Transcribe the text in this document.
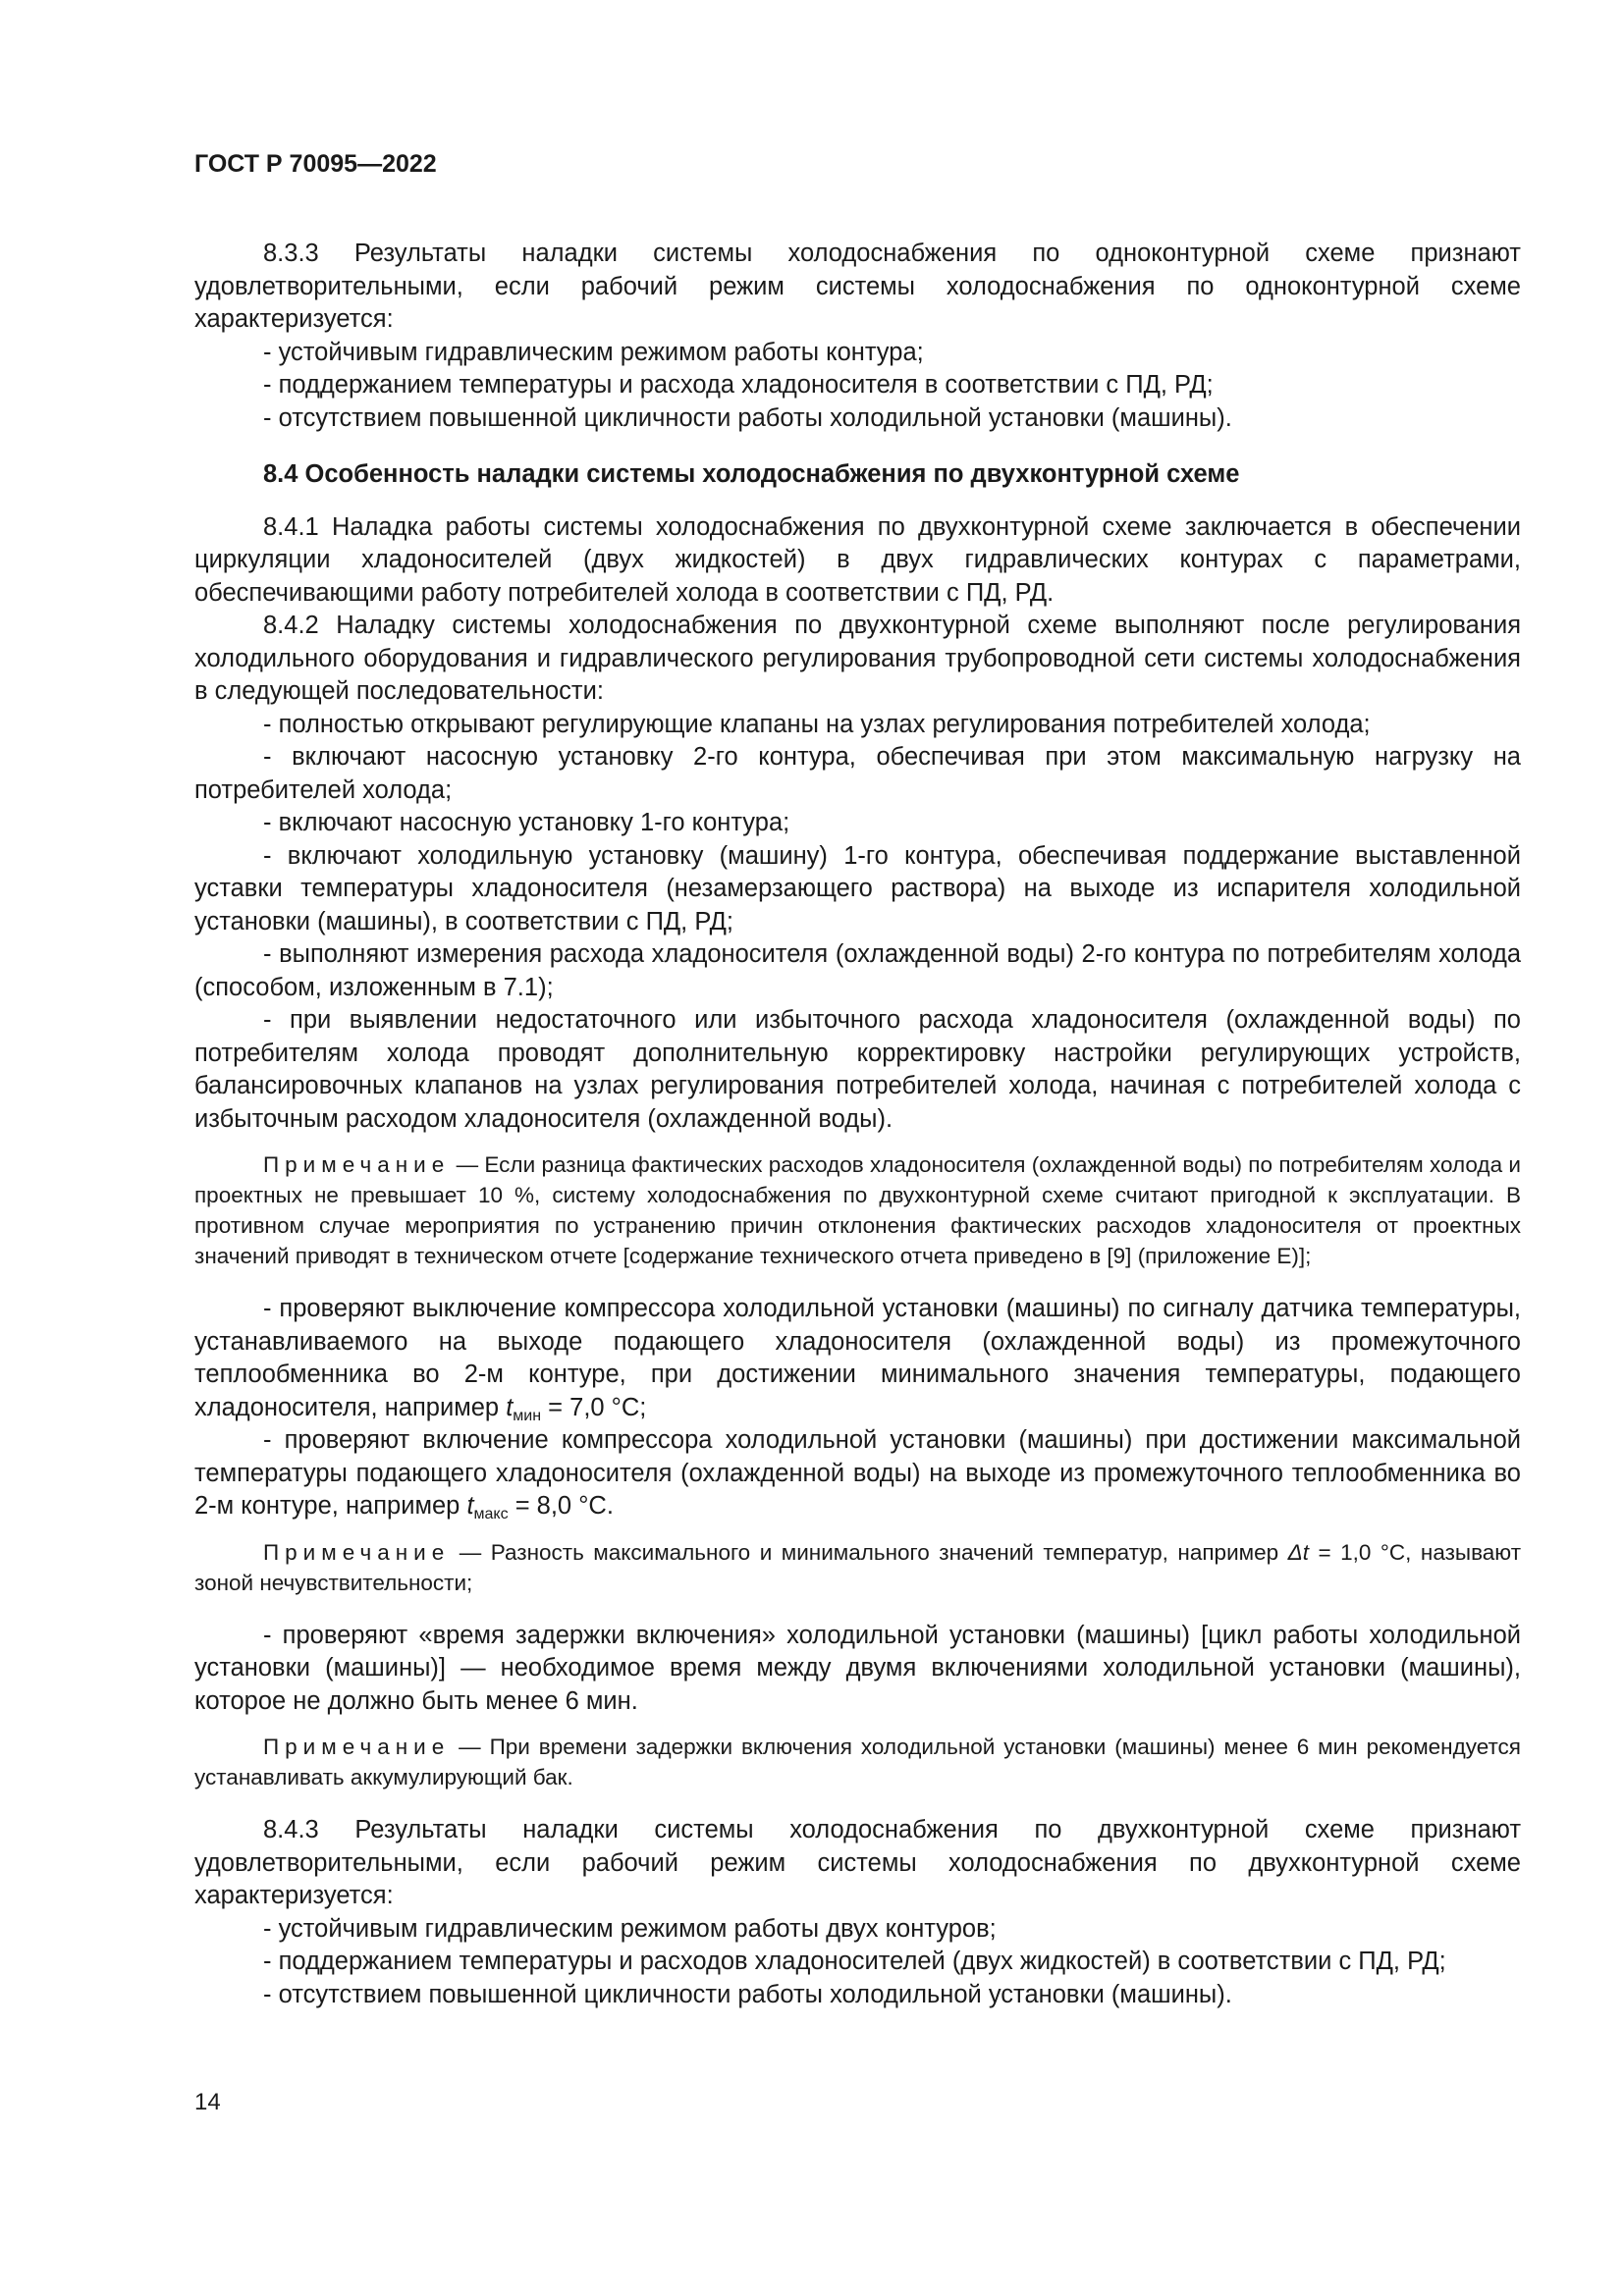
ГОСТ Р 70095—2022

8.3.3 Результаты наладки системы холодоснабжения по одноконтурной схеме признают удовлетворительными, если рабочий режим системы холодоснабжения по одноконтурной схеме характеризуется:

- устойчивым гидравлическим режимом работы контура;

- поддержанием температуры и расхода хладоносителя в соответствии с ПД, РД;

- отсутствием повышенной цикличности работы холодильной установки (машины).

8.4 Особенность наладки системы холодоснабжения по двухконтурной схеме

8.4.1 Наладка работы системы холодоснабжения по двухконтурной схеме заключается в обеспечении циркуляции хладоносителей (двух жидкостей) в двух гидравлических контурах с параметрами, обеспечивающими работу потребителей холода в соответствии с ПД, РД.

8.4.2 Наладку системы холодоснабжения по двухконтурной схеме выполняют после регулирования холодильного оборудования и гидравлического регулирования трубопроводной сети системы холодоснабжения в следующей последовательности:

- полностью открывают регулирующие клапаны на узлах регулирования потребителей холода;

- включают насосную установку 2-го контура, обеспечивая при этом максимальную нагрузку на потребителей холода;

- включают насосную установку 1-го контура;

- включают холодильную установку (машину) 1-го контура, обеспечивая поддержание выставленной уставки температуры хладоносителя (незамерзающего раствора) на выходе из испарителя холодильной установки (машины), в соответствии с ПД, РД;

- выполняют измерения расхода хладоносителя (охлажденной воды) 2-го контура по потребителям холода (способом, изложенным в 7.1);

- при выявлении недостаточного или избыточного расхода хладоносителя (охлажденной воды) по потребителям холода проводят дополнительную корректировку настройки регулирующих устройств, балансировочных клапанов на узлах регулирования потребителей холода, начиная с потребителей холода с избыточным расходом хладоносителя (охлажденной воды).

Примечание — Если разница фактических расходов хладоносителя (охлажденной воды) по потребителям холода и проектных не превышает 10 %, систему холодоснабжения по двухконтурной схеме считают пригодной к эксплуатации. В противном случае мероприятия по устранению причин отклонения фактических расходов хладоносителя от проектных значений приводят в техническом отчете [содержание технического отчета приведено в [9] (приложение Е)];

- проверяют выключение компрессора холодильной установки (машины) по сигналу датчика температуры, устанавливаемого на выходе подающего хладоносителя (охлажденной воды) из промежуточного теплообменника во 2-м контуре, при достижении минимального значения температуры, подающего хладоносителя, например $t_{мин} = 7,0$ °С;

- проверяют включение компрессора холодильной установки (машины) при достижении максимальной температуры подающего хладоносителя (охлажденной воды) на выходе из промежуточного теплообменника во 2-м контуре, например $t_{макс} = 8,0$ °С.

Примечание — Разность максимального и минимального значений температур, например Δt = 1,0 °С, называют зоной нечувствительности;

- проверяют «время задержки включения» холодильной установки (машины) [цикл работы холодильной установки (машины)] — необходимое время между двумя включениями холодильной установки (машины), которое не должно быть менее 6 мин.

Примечание — При времени задержки включения холодильной установки (машины) менее 6 мин рекомендуется устанавливать аккумулирующий бак.

8.4.3 Результаты наладки системы холодоснабжения по двухконтурной схеме признают удовлетворительными, если рабочий режим системы холодоснабжения по двухконтурной схеме характеризуется:

- устойчивым гидравлическим режимом работы двух контуров;

- поддержанием температуры и расходов хладоносителей (двух жидкостей) в соответствии с ПД, РД;

- отсутствием повышенной цикличности работы холодильной установки (машины).

14
